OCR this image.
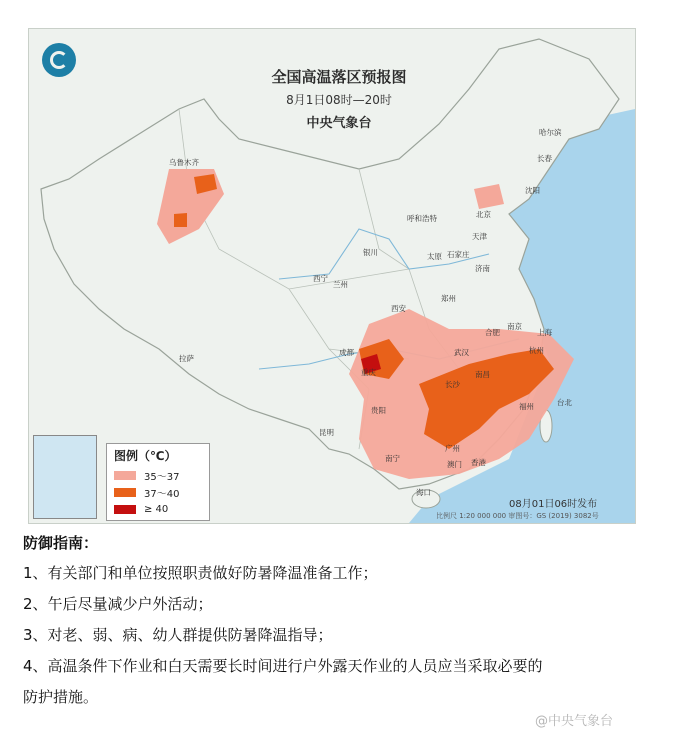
全国高温落区预报图
8月1日08时—20时
中央气象台
乌鲁木齐
哈尔滨
长春
沈阳
北京
呼和浩特
天津
石家庄
太原
济南
银川
西宁
兰州
西安
郑州
合肥
南京
上海
杭州
武汉
成都
重庆
长沙
南昌
福州	台北
贵阳
昆明
南宁
广州
香港
澳门
海口
拉萨
图例（℃）
35～37
37～40
≥ 40	08月01日06时发布
比例尺 1:20 000 000 审图号：GS (2019) 3082号
防御指南：
1、有关部门和单位按照职责做好防暑降温准备工作；
2、午后尽量减少户外活动；
3、对老、弱、病、幼人群提供防暑降温指导；
4、高温条件下作业和白天需要长时间进行户外露天作业的人员应当采取必要的
防护措施。
@中央气象台
